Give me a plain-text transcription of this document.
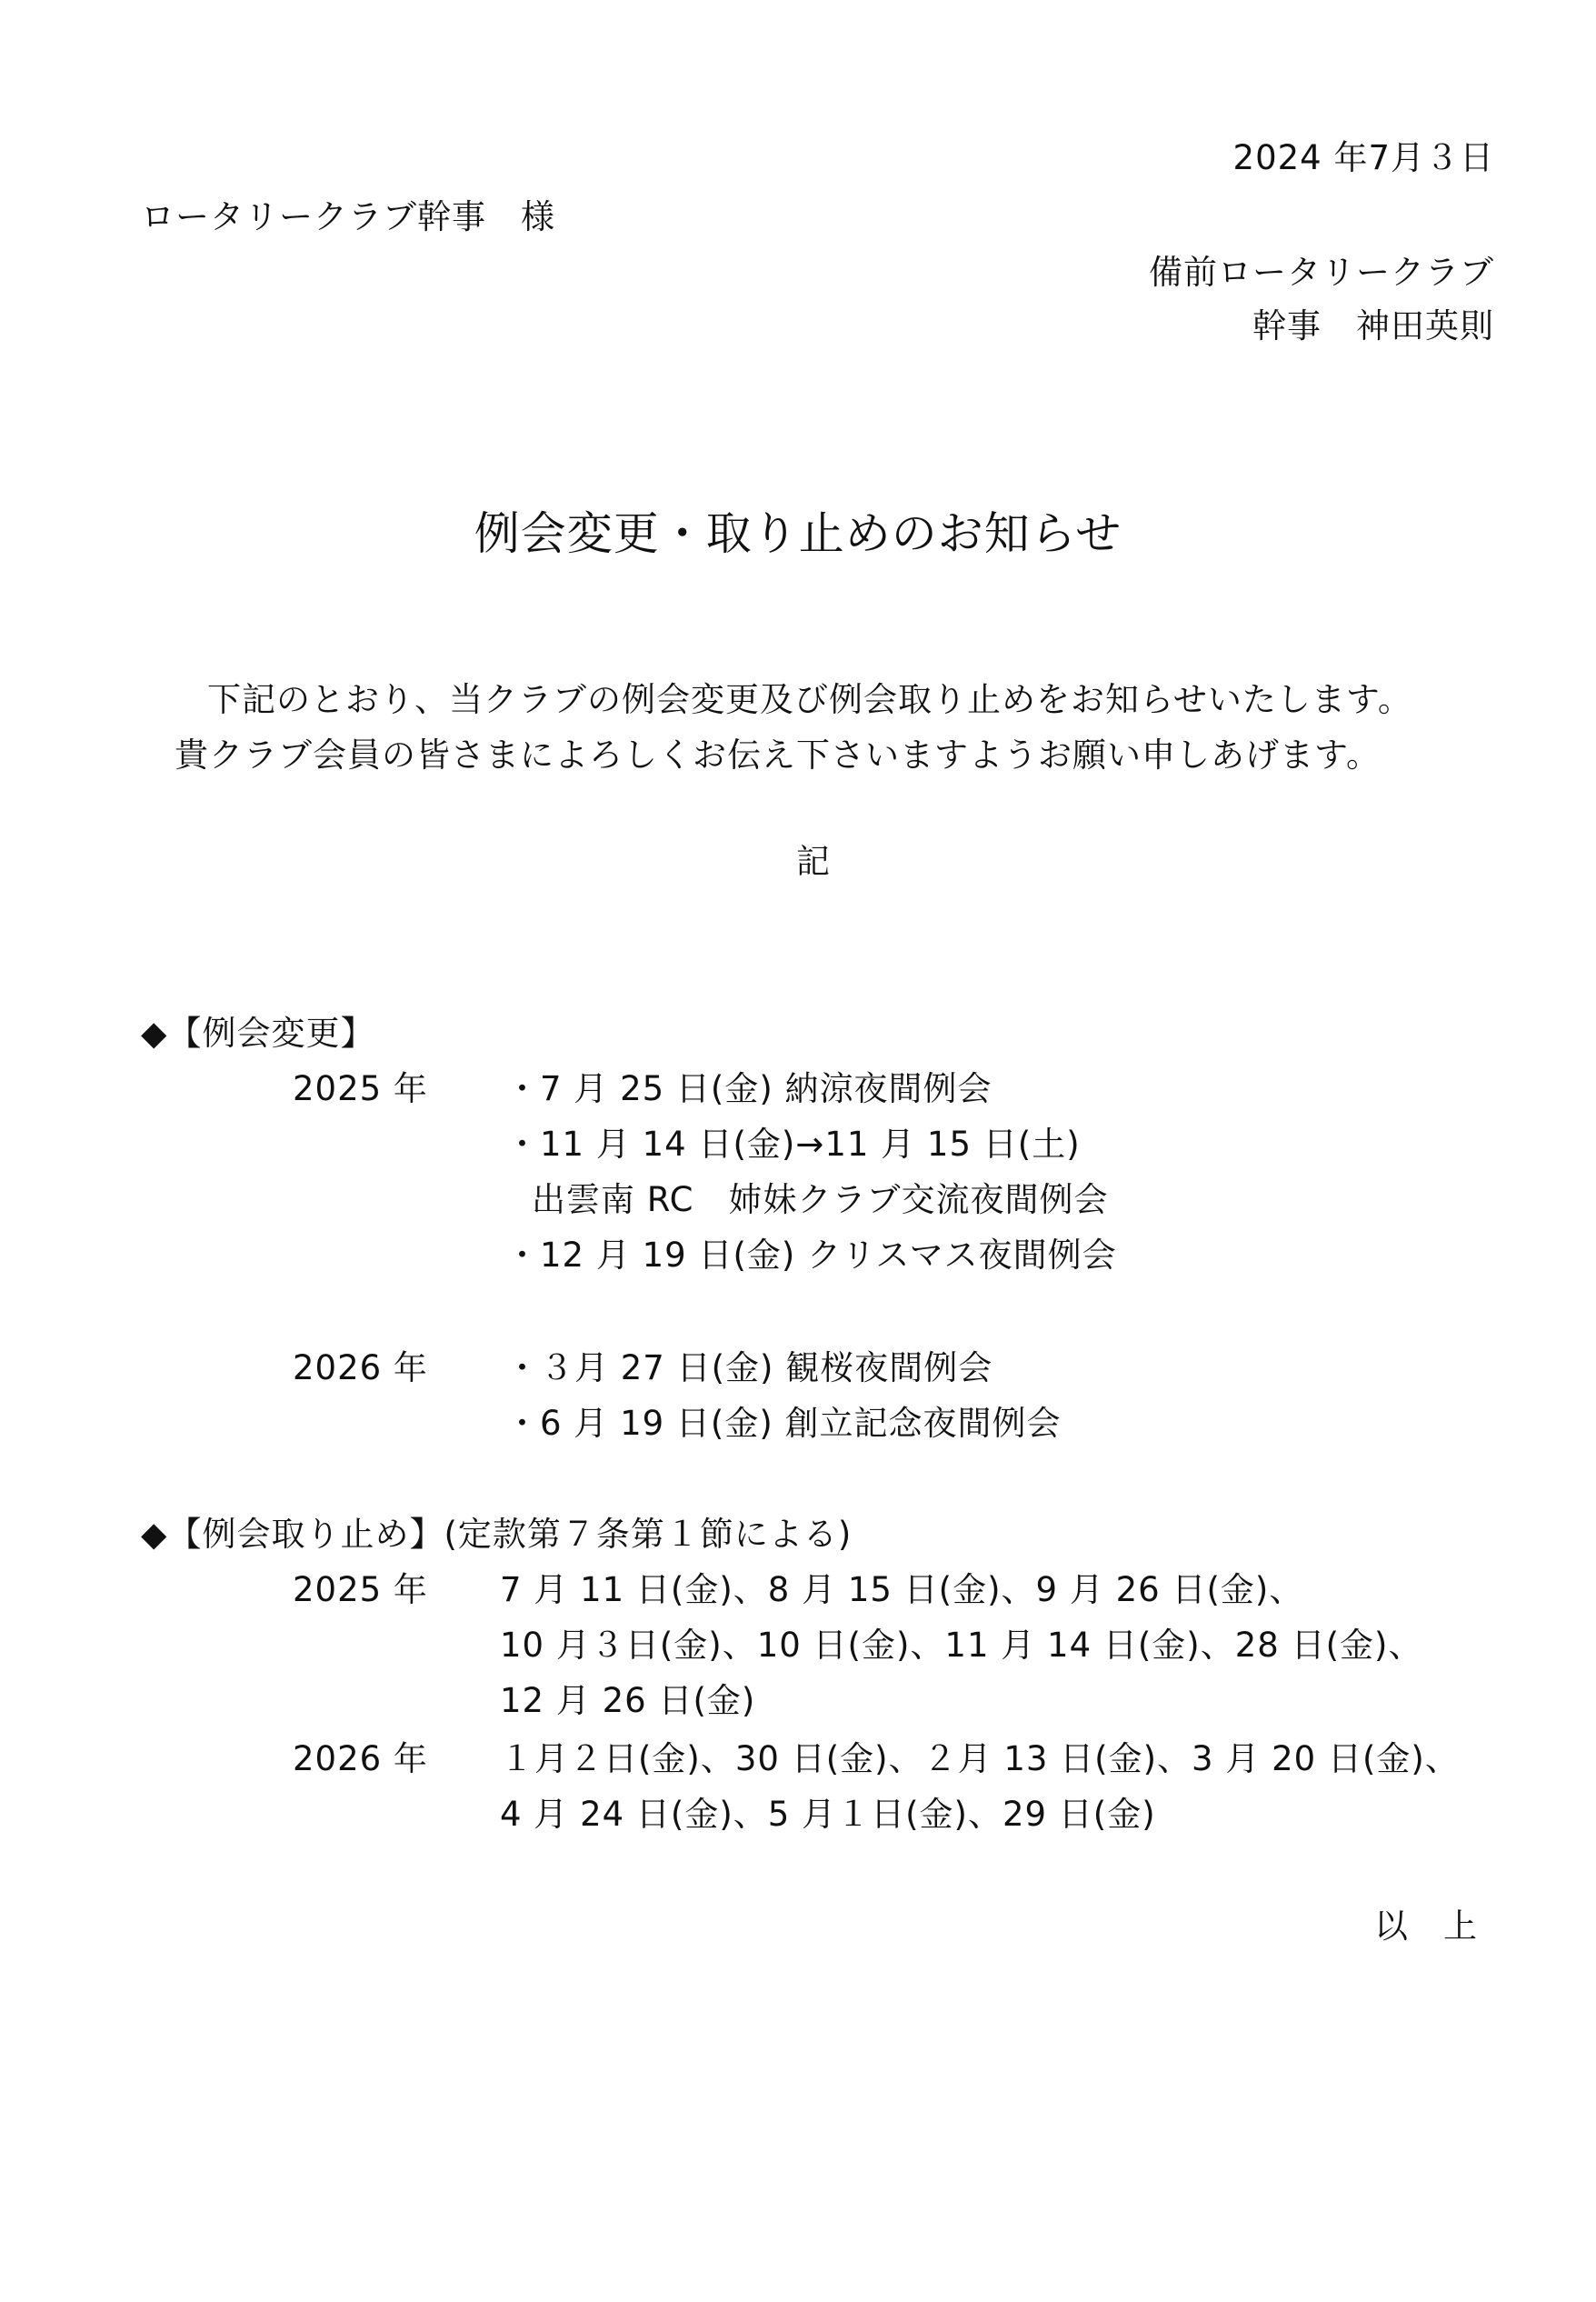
2024 年7月３日
ロータリークラブ幹事　様
備前ロータリークラブ
幹事　神田英則
例会変更・取り止めのお知らせ
下記のとおり、当クラブの例会変更及び例会取り止めをお知らせいたします。
貴クラブ会員の皆さまによろしくお伝え下さいますようお願い申しあげます。
記
◆【例会変更】
2025 年 ・7 月 25 日(金) 納涼夜間例会
・11 月 14 日(金)→11 月 15 日(土)
出雲南 RC　姉妹クラブ交流夜間例会
・12 月 19 日(金) クリスマス夜間例会
2026 年 ・３月 27 日(金) 観桜夜間例会
・6 月 19 日(金) 創立記念夜間例会
◆【例会取り止め】(定款第７条第１節による)
2025 年 7 月 11 日(金)、8 月 15 日(金)、9 月 26 日(金)、
10 月３日(金)、10 日(金)、11 月 14 日(金)、28 日(金)、
12 月 26 日(金)
2026 年 １月２日(金)、30 日(金)、２月 13 日(金)、3 月 20 日(金)、
4 月 24 日(金)、5 月１日(金)、29 日(金)
以　上
